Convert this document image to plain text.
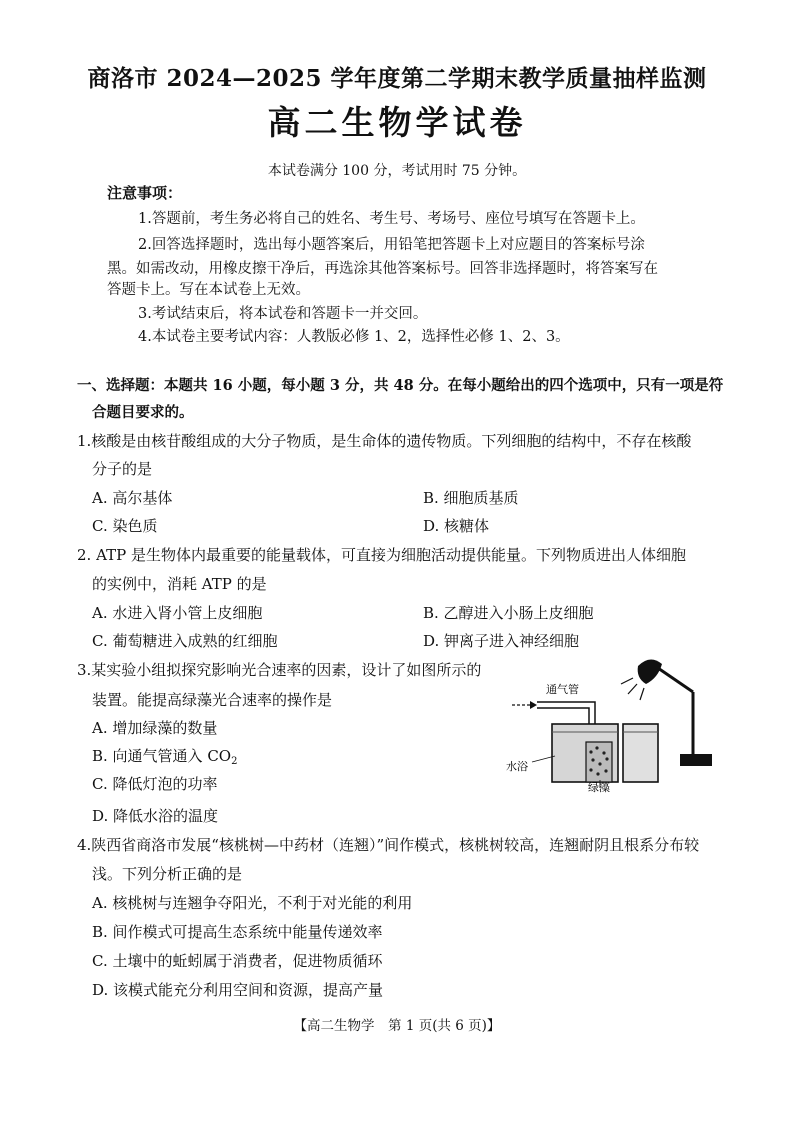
商洛市 2024—2025 学年度第二学期末教学质量抽样监测
高二生物学试卷
本试卷满分 100 分，考试用时 75 分钟。
注意事项：
1.答题前，考生务必将自己的姓名、考生号、考场号、座位号填写在答题卡上。
2.回答选择题时，选出每小题答案后，用铅笔把答题卡上对应题目的答案标号涂
黑。如需改动，用橡皮擦干净后，再选涂其他答案标号。回答非选择题时，将答案写在
答题卡上。写在本试卷上无效。
3.考试结束后，将本试卷和答题卡一并交回。
4.本试卷主要考试内容：人教版必修 1、2，选择性必修 1、2、3。
一、选择题：本题共 16 小题，每小题 3 分，共 48 分。在每小题给出的四个选项中，只有一项是符
合题目要求的。
1.核酸是由核苷酸组成的大分子物质，是生命体的遗传物质。下列细胞的结构中，不存在核酸
分子的是
A. 高尔基体	B. 细胞质基质
C. 染色质	D. 核糖体
2. ATP 是生物体内最重要的能量载体，可直接为细胞活动提供能量。下列物质进出人体细胞
的实例中，消耗 ATP 的是
A. 水进入肾小管上皮细胞	B. 乙醇进入小肠上皮细胞
C. 葡萄糖进入成熟的红细胞	D. 钾离子进入神经细胞
3.某实验小组拟探究影响光合速率的因素，设计了如图所示的
装置。能提高绿藻光合速率的操作是
A. 增加绿藻的数量
B. 向通气管通入 $CO_2$
C. 降低灯泡的功率
D. 降低水浴的温度
通气管
水浴
绿藻
4.陕西省商洛市发展“核桃树—中药材（连翘）”间作模式，核桃树较高，连翘耐阴且根系分布较
浅。下列分析正确的是
A. 核桃树与连翘争夺阳光，不利于对光能的利用
B. 间作模式可提高生态系统中能量传递效率
C. 土壤中的蚯蚓属于消费者，促进物质循环
D. 该模式能充分利用空间和资源，提高产量
【高二生物学　第 1 页(共 6 页)】
